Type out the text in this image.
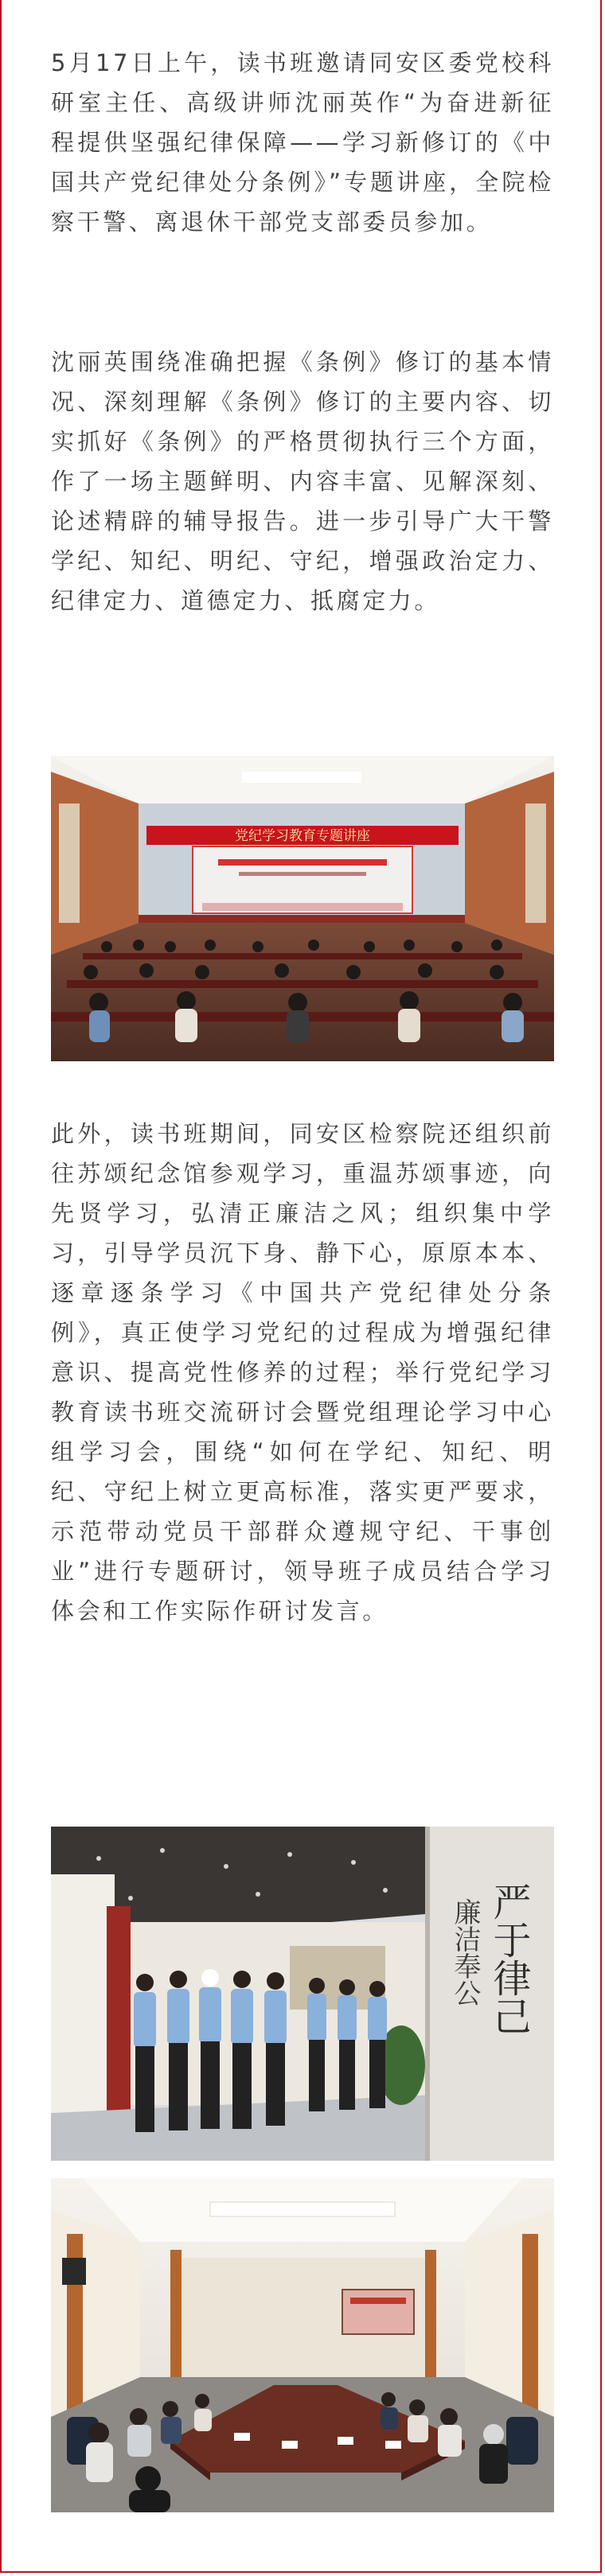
5月17日上午，读书班邀请同安区委党校科研室主任、高级讲师沈丽英作“为奋进新征程提供坚强纪律保障——学习新修订的《中国共产党纪律处分条例》”专题讲座，全院检察干警、离退休干部党支部委员参加。

沈丽英围绕准确把握《条例》修订的基本情况、深刻理解《条例》修订的主要内容、切实抓好《条例》的严格贯彻执行三个方面，作了一场主题鲜明、内容丰富、见解深刻、论述精辟的辅导报告。进一步引导广大干警学纪、知纪、明纪、守纪，增强政治定力、纪律定力、道德定力、抵腐定力。

党纪学习教育专题讲座

此外，读书班期间，同安区检察院还组织前往苏颂纪念馆参观学习，重温苏颂事迹，向先贤学习，弘清正廉洁之风；组织集中学习，引导学员沉下身、静下心，原原本本、逐章逐条学习《中国共产党纪律处分条例》，真正使学习党纪的过程成为增强纪律意识、提高党性修养的过程；举行党纪学习教育读书班交流研讨会暨党组理论学习中心组学习会，围绕“如何在学纪、知纪、明纪、守纪上树立更高标准，落实更严要求，示范带动党员干部群众遵规守纪、干事创业”进行专题研讨，领导班子成员结合学习体会和工作实际作研讨发言。

严于律己
廉洁奉公
